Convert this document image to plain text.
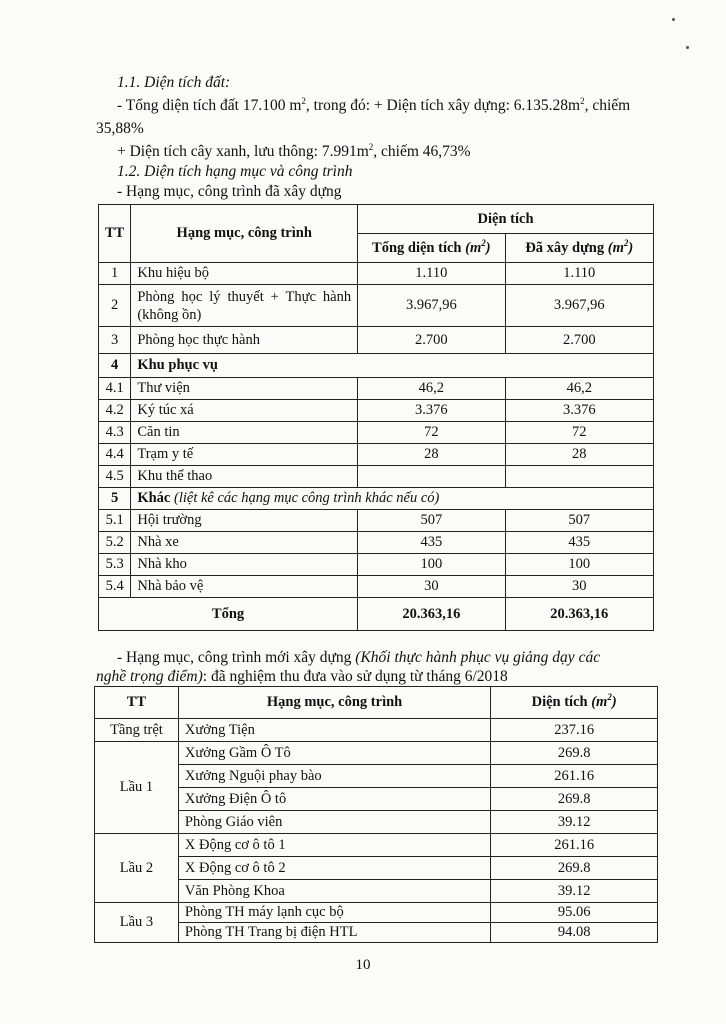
1.1. Diện tích đất:
- Tổng diện tích đất 17.100 $m^2$, trong đó: + Diện tích xây dựng: $6.135.28m^2$, chiếm
35,88%
+ Diện tích cây xanh, lưu thông: $7.991m^2$, chiếm 46,73%
1.2. Diện tích hạng mục và công trình
- Hạng mục, công trình đã xây dựng
TT	Hạng mục, công trình	Diện tích	
		Tổng diện tích $(m^2)$	Đã xây dựng $(m^2)$
1	Khu hiệu bộ	1.110	1.110
2	Phòng học lý thuyết + Thực hành (không ồn)	3.967,96	3.967,96
3	Phòng học thực hành	2.700	2.700
4	Khu phục vụ		
4.1	Thư viện	46,2	46,2
4.2	Ký túc xá	3.376	3.376
4.3	Căn tin	72	72
4.4	Trạm y tế	28	28
4.5	Khu thể thao		
5	Khác (liệt kê các hạng mục công trình khác nếu có)		
5.1	Hội trường	507	507
5.2	Nhà xe	435	435
5.3	Nhà kho	100	100
5.4	Nhà bảo vệ	30	30
Tổng		20.363,16	20.363,16
- Hạng mục, công trình mới xây dựng (Khối thực hành phục vụ giảng dạy các
nghề trọng điểm): đã nghiệm thu đưa vào sử dụng từ tháng 6/2018
TT	Hạng mục, công trình	Diện tích $(m^2)$
Tầng trệt	Xưởng Tiện	237.16
Lầu 1	Xưởng Gầm Ô Tô	269.8
	Xưởng Nguội phay bào	261.16
	Xưởng Điện Ô tô	269.8
	Phòng Giáo viên	39.12
Lầu 2	X Động cơ ô tô 1	261.16
	X Động cơ ô tô 2	269.8
	Văn Phòng Khoa	39.12
Lầu 3	Phòng TH máy lạnh cục bộ	95.06
	Phòng TH Trang bị điện HTL	94.08
10
